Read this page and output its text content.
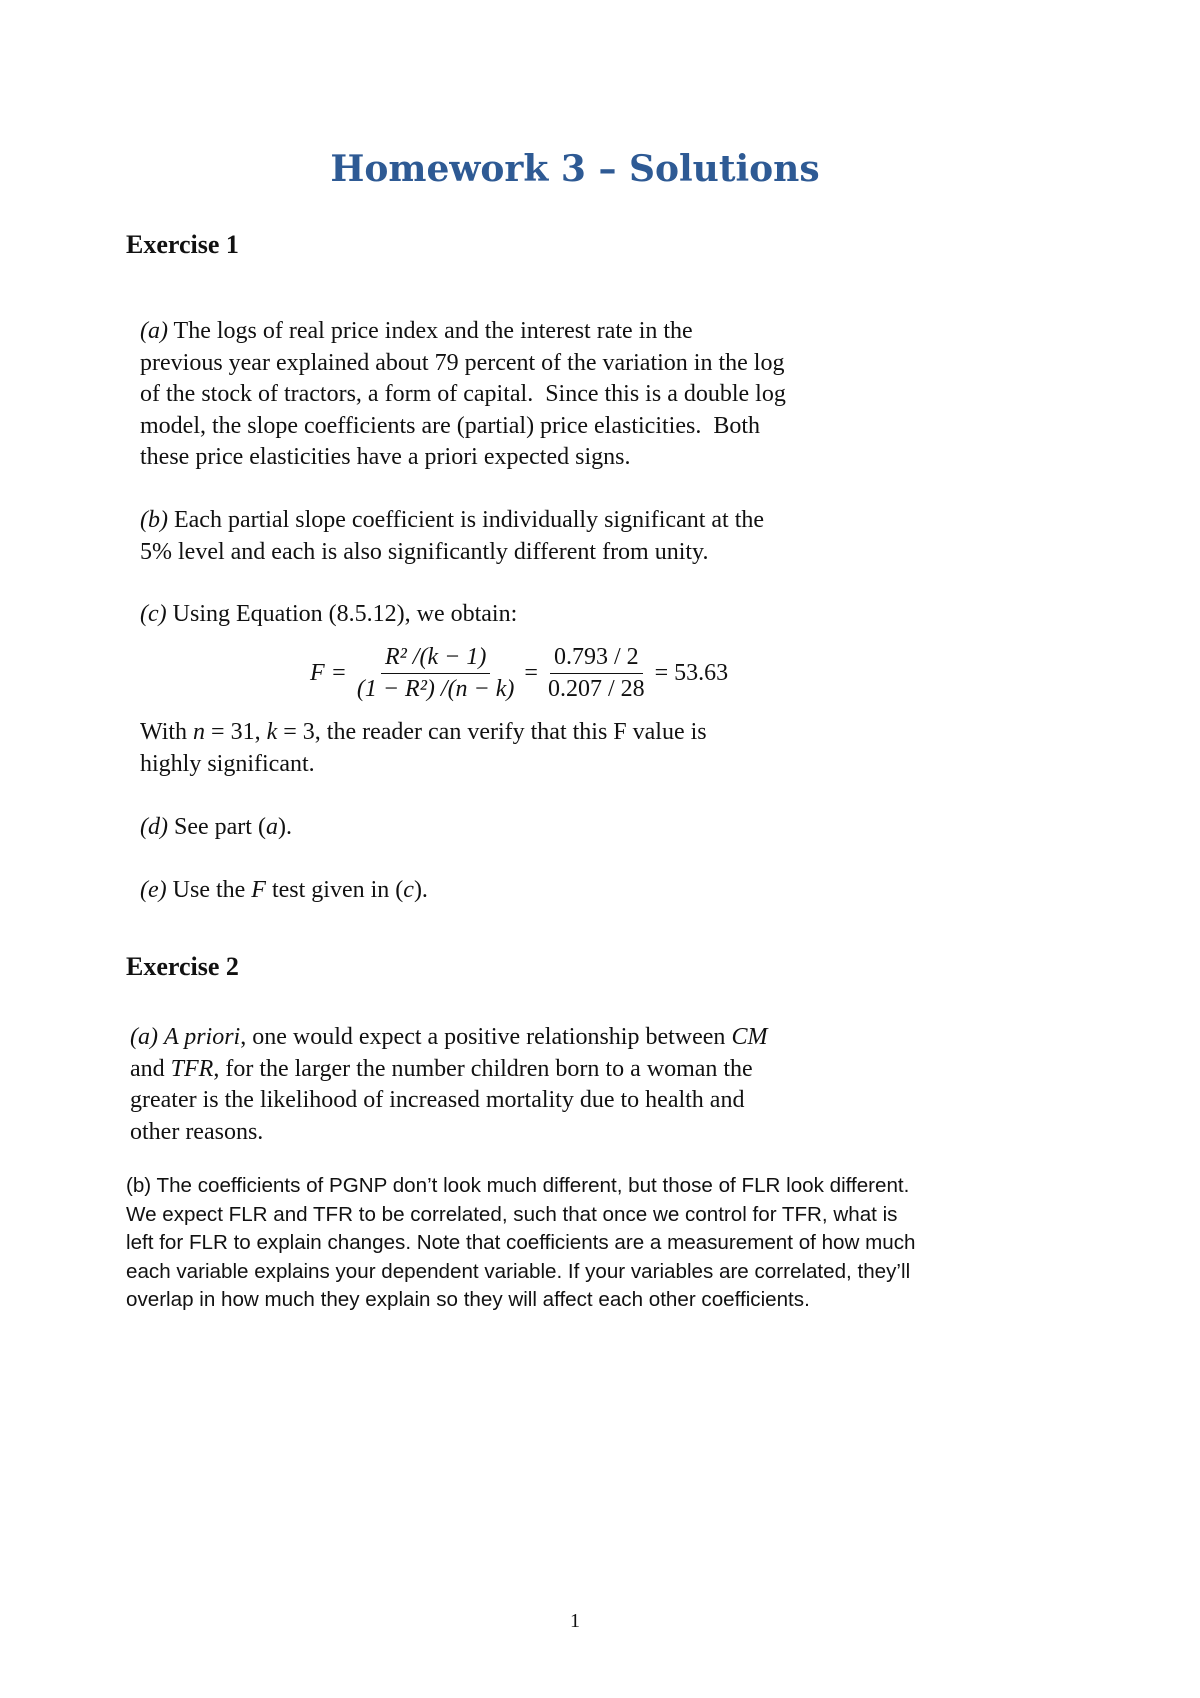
Homework 3 – Solutions
Exercise 1

(a) The logs of real price index and the interest rate in the
previous year explained about 79 percent of the variation in the log
of the stock of tractors, a form of capital.  Since this is a double log
model, the slope coefficients are (partial) price elasticities.  Both
these price elasticities have a priori expected signs.

(b) Each partial slope coefficient is individually significant at the
5% level and each is also significantly different from unity.

(c) Using Equation (8.5.12), we obtain:

$F = \frac{\text{R² /(k − 1)}}{\text{(1 − R²) /(n − k)}} = \frac{0.793 / 2}{0.207 / 28} = 53.63$

With n = 31, k = 3, the reader can verify that this F value is
highly significant.

(d) See part (a).

(e) Use the F test given in (c).

Exercise 2

(a) A priori, one would expect a positive relationship between CM
and TFR, for the larger the number children born to a woman the
greater is the likelihood of increased mortality due to health and
other reasons.

(b) The coefficients of PGNP don’t look much different, but those of FLR look different.
We expect FLR and TFR to be correlated, such that once we control for TFR, what is
left for FLR to explain changes. Note that coefficients are a measurement of how much
each variable explains your dependent variable. If your variables are correlated, they’ll
overlap in how much they explain so they will affect each other coefficients.

1
